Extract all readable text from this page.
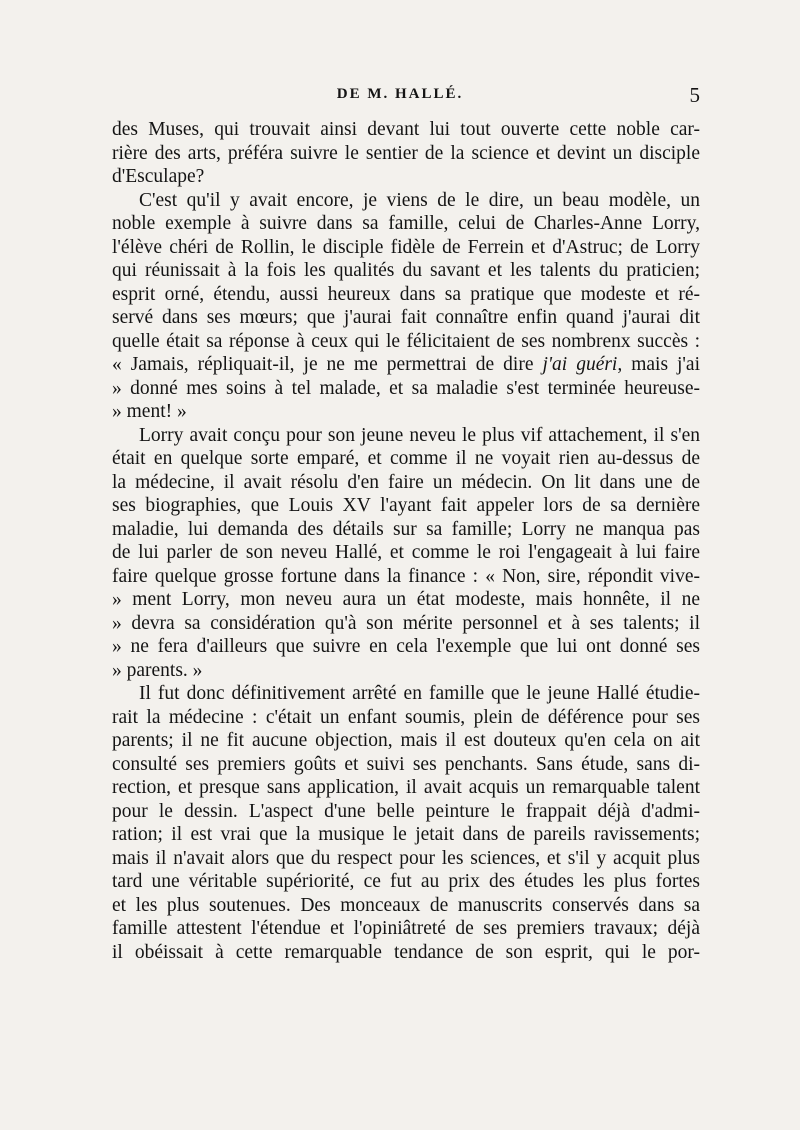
DE M. HALLÉ.	5
des Muses, qui trouvait ainsi devant lui tout ouverte cette noble car-
rière des arts, préféra suivre le sentier de la science et devint un disciple
d'Esculape?
C'est qu'il y avait encore, je viens de le dire, un beau modèle, un
noble exemple à suivre dans sa famille, celui de Charles-Anne Lorry,
l'élève chéri de Rollin, le disciple fidèle de Ferrein et d'Astruc; de Lorry
qui réunissait à la fois les qualités du savant et les talents du praticien;
esprit orné, étendu, aussi heureux dans sa pratique que modeste et ré-
servé dans ses mœurs; que j'aurai fait connaître enfin quand j'aurai dit
quelle était sa réponse à ceux qui le félicitaient de ses nombrenx succès :
« Jamais, répliquait-il, je ne me permettrai de dire j'ai guéri, mais j'ai
» donné mes soins à tel malade, et sa maladie s'est terminée heureuse-
» ment! »
Lorry avait conçu pour son jeune neveu le plus vif attachement, il s'en
était en quelque sorte emparé, et comme il ne voyait rien au-dessus de
la médecine, il avait résolu d'en faire un médecin. On lit dans une de
ses biographies, que Louis XV l'ayant fait appeler lors de sa dernière
maladie, lui demanda des détails sur sa famille; Lorry ne manqua pas
de lui parler de son neveu Hallé, et comme le roi l'engageait à lui faire
faire quelque grosse fortune dans la finance : « Non, sire, répondit vive-
» ment Lorry, mon neveu aura un état modeste, mais honnête, il ne
» devra sa considération qu'à son mérite personnel et à ses talents; il
» ne fera d'ailleurs que suivre en cela l'exemple que lui ont donné ses
» parents. »
Il fut donc définitivement arrêté en famille que le jeune Hallé étudie-
rait la médecine : c'était un enfant soumis, plein de déférence pour ses
parents; il ne fit aucune objection, mais il est douteux qu'en cela on ait
consulté ses premiers goûts et suivi ses penchants. Sans étude, sans di-
rection, et presque sans application, il avait acquis un remarquable talent
pour le dessin. L'aspect d'une belle peinture le frappait déjà d'admi-
ration; il est vrai que la musique le jetait dans de pareils ravissements;
mais il n'avait alors que du respect pour les sciences, et s'il y acquit plus
tard une véritable supériorité, ce fut au prix des études les plus fortes
et les plus soutenues. Des monceaux de manuscrits conservés dans sa
famille attestent l'étendue et l'opiniâtreté de ses premiers travaux; déjà
il obéissait à cette remarquable tendance de son esprit, qui le por-
